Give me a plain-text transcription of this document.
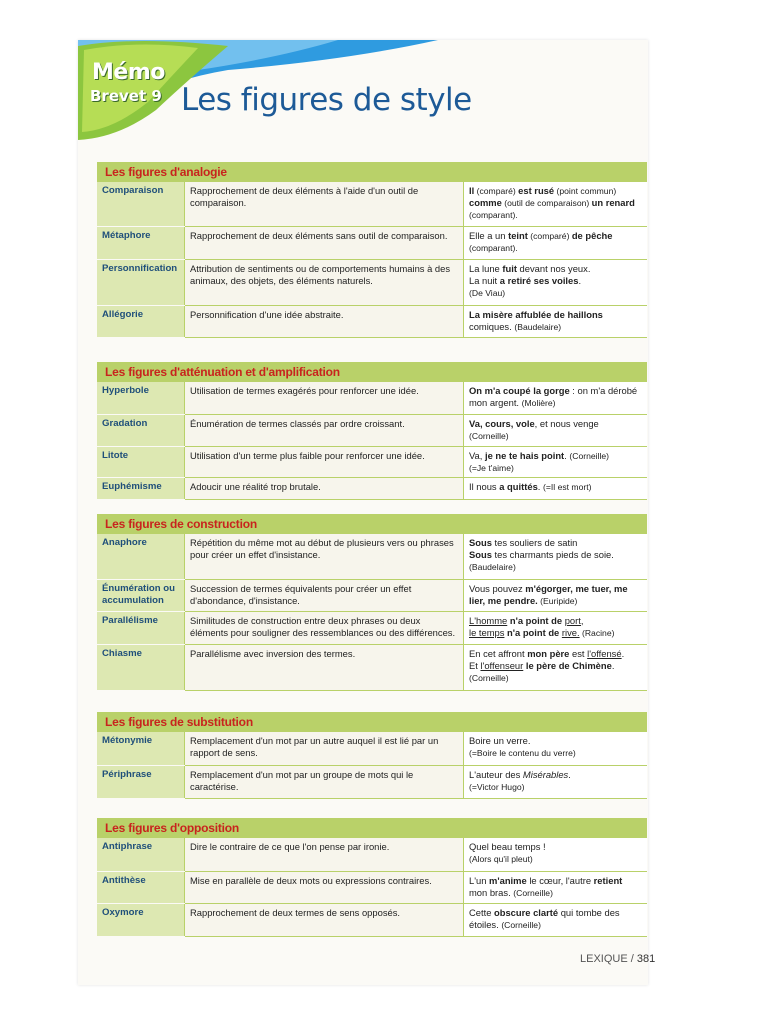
Mémo
Brevet 9 Les figures de style
Les figures d'analogie
Comparaison	Rapprochement de deux éléments à l'aide d'un outil de comparaison.	Il (comparé) est rusé (point commun) comme (outil de comparaison) un renard (comparant).
Métaphore	Rapprochement de deux éléments sans outil de comparaison.	Elle a un teint (comparé) de pêche (comparant).
Personnification	Attribution de sentiments ou de comportements humains à des animaux, des objets, des éléments naturels.	La lune fuit devant nos yeux.
La nuit a retiré ses voiles.
(De Viau)
Allégorie	Personnification d'une idée abstraite.	La misère affublée de haillons comiques. (Baudelaire)
Les figures d'atténuation et d'amplification
Hyperbole	Utilisation de termes exagérés pour renforcer une idée.	On m'a coupé la gorge : on m'a dérobé mon argent. (Molière)
Gradation	Énumération de termes classés par ordre croissant.	Va, cours, vole, et nous venge
(Corneille)
Litote	Utilisation d'un terme plus faible pour renforcer une idée.	Va, je ne te hais point. (Corneille)
(=Je t'aime)
Euphémisme	Adoucir une réalité trop brutale.	Il nous a quittés. (=Il est mort)
Les figures de construction
Anaphore	Répétition du même mot au début de plusieurs vers ou phrases pour créer un effet d'insistance.	Sous tes souliers de satin
Sous tes charmants pieds de soie.
(Baudelaire)
Énumération ou accumulation	Succession de termes équivalents pour créer un effet d'abondance, d'insistance.	Vous pouvez m'égorger, me tuer, me lier, me pendre. (Euripide)
Parallélisme	Similitudes de construction entre deux phrases ou deux éléments pour souligner des ressemblances ou des différences.	L'homme n'a point de port,
le temps n'a point de rive. (Racine)
Chiasme	Parallélisme avec inversion des termes.	En cet affront mon père est l'offensé.
Et l'offenseur le père de Chimène.
(Corneille)
Les figures de substitution
Métonymie	Remplacement d'un mot par un autre auquel il est lié par un rapport de sens.	Boire un verre.
(=Boire le contenu du verre)
Périphrase	Remplacement d'un mot par un groupe de mots qui le caractérise.	L'auteur des Misérables.
(=Victor Hugo)
Les figures d'opposition
Antiphrase	Dire le contraire de ce que l'on pense par ironie.	Quel beau temps !
(Alors qu'il pleut)
Antithèse	Mise en parallèle de deux mots ou expressions contraires.	L'un m'anime le cœur, l'autre retient mon bras. (Corneille)
Oxymore	Rapprochement de deux termes de sens opposés.	Cette obscure clarté qui tombe des étoiles. (Corneille)
LEXIQUE / 381
